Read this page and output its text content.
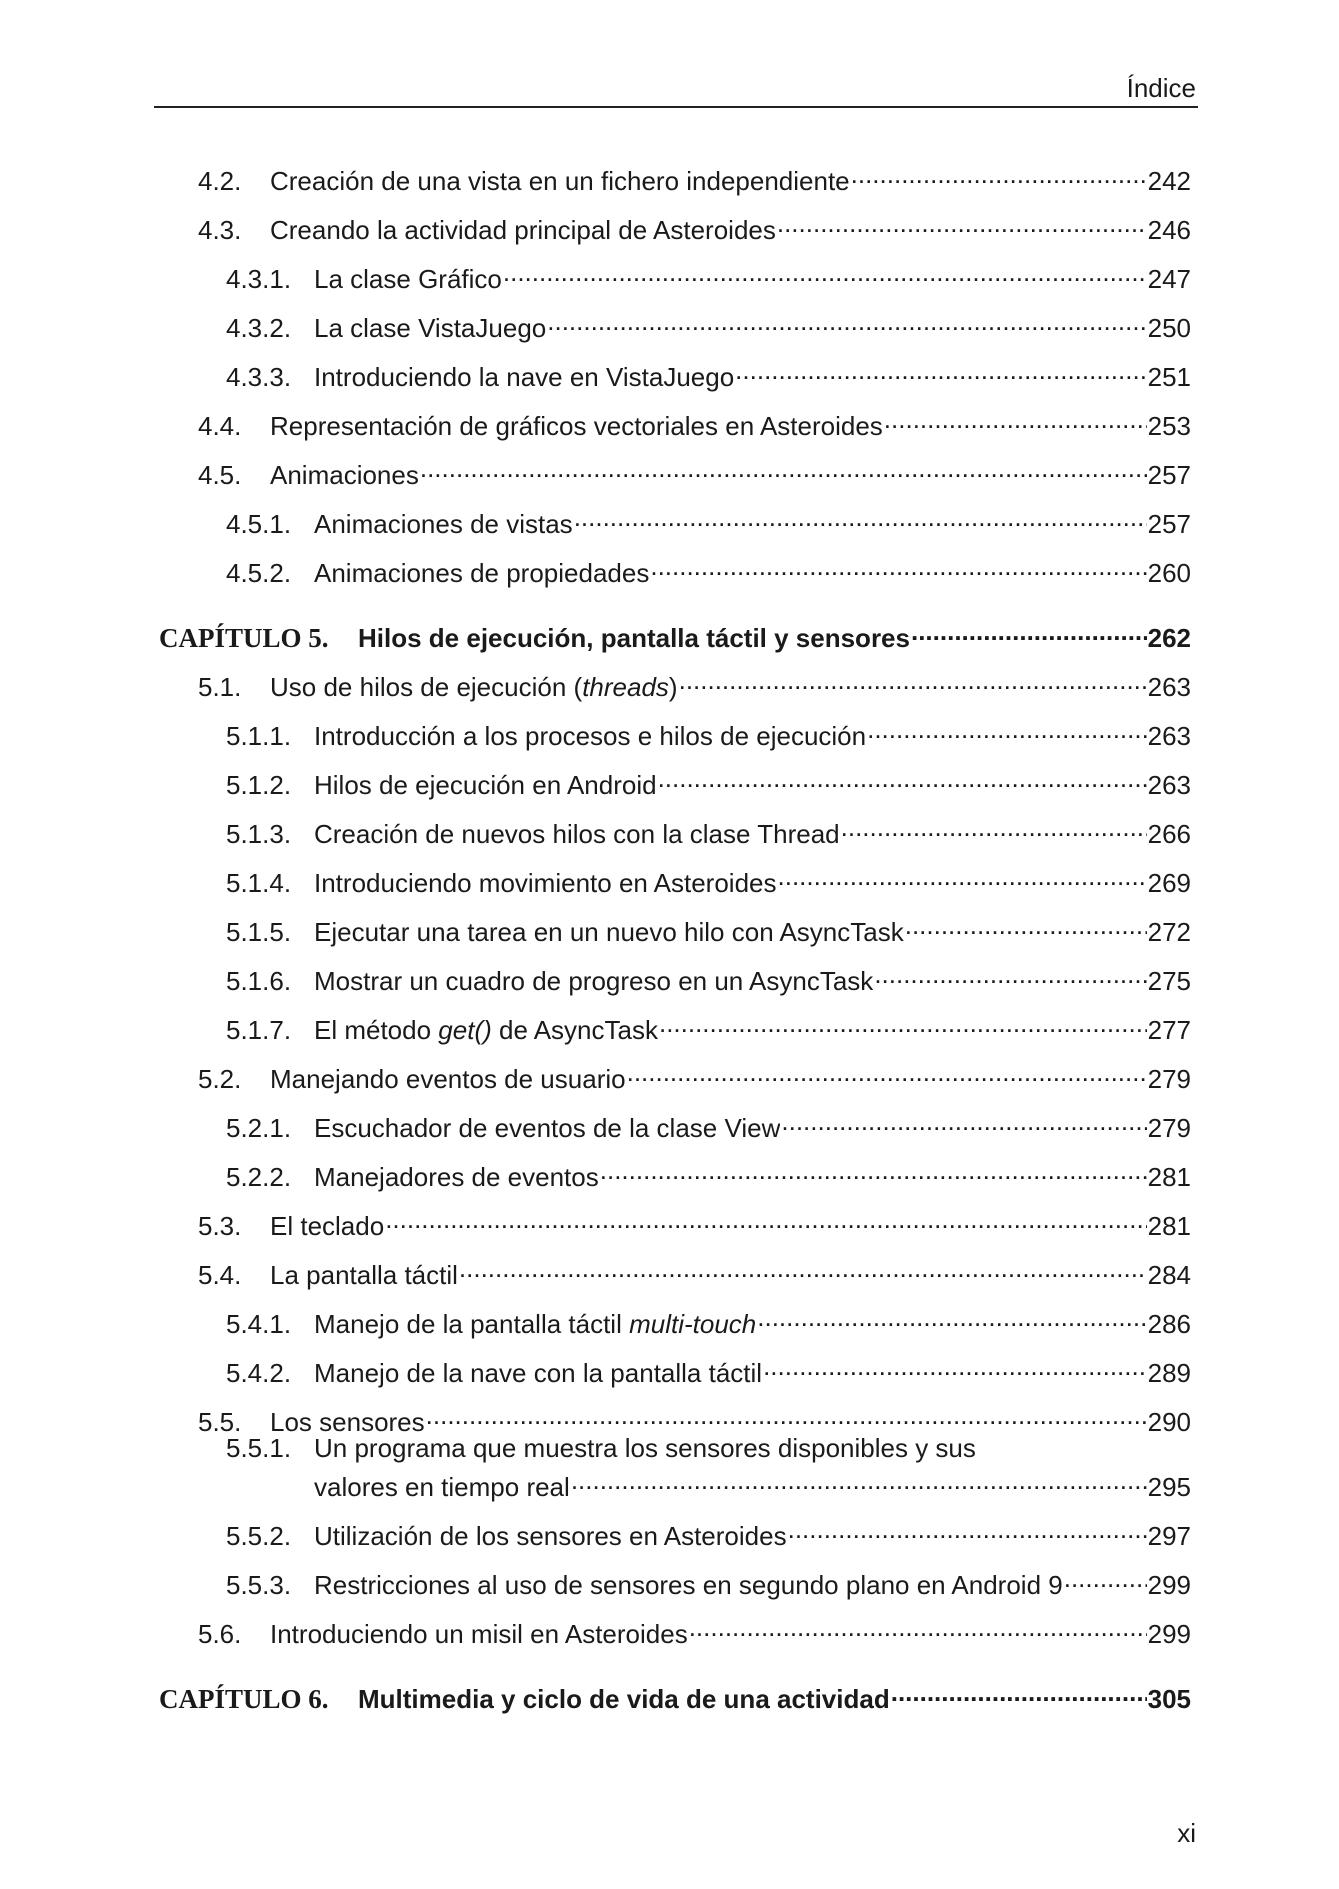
Índice
4.2.	Creación de una vista en un fichero independiente .....	242
4.3.	Creando la actividad principal de Asteroides .....	246
4.3.1. La clase Gráfico .....	247
4.3.2. La clase VistaJuego .....	250
4.3.3. Introduciendo la nave en VistaJuego .....	251
4.4.	Representación de gráficos vectoriales en Asteroides .....	253
4.5.	Animaciones .....	257
4.5.1. Animaciones de vistas .....	257
4.5.2. Animaciones de propiedades .....	260
CAPÍTULO 5.	Hilos de ejecución, pantalla táctil y sensores .....	262
5.1.	Uso de hilos de ejecución (threads) .....	263
5.1.1. Introducción a los procesos e hilos de ejecución .....	263
5.1.2. Hilos de ejecución en Android .....	263
5.1.3. Creación de nuevos hilos con la clase Thread .....	266
5.1.4. Introduciendo movimiento en Asteroides .....	269
5.1.5. Ejecutar una tarea en un nuevo hilo con AsyncTask .....	272
5.1.6. Mostrar un cuadro de progreso en un AsyncTask .....	275
5.1.7. El método get() de AsyncTask .....	277
5.2.	Manejando eventos de usuario .....	279
5.2.1. Escuchador de eventos de la clase View .....	279
5.2.2. Manejadores de eventos .....	281
5.3.	El teclado .....	281
5.4.	La pantalla táctil .....	284
5.4.1. Manejo de la pantalla táctil multi-touch .....	286
5.4.2. Manejo de la nave con la pantalla táctil .....	289
5.5.	Los sensores .....	290
5.5.1. Un programa que muestra los sensores disponibles y sus
valores en tiempo real .....	295
5.5.2. Utilización de los sensores en Asteroides .....	297
5.5.3. Restricciones al uso de sensores en segundo plano en Android 9 .....	299
5.6.	Introduciendo un misil en Asteroides .....	299
CAPÍTULO 6.	Multimedia y ciclo de vida de una actividad .....	305
xi
